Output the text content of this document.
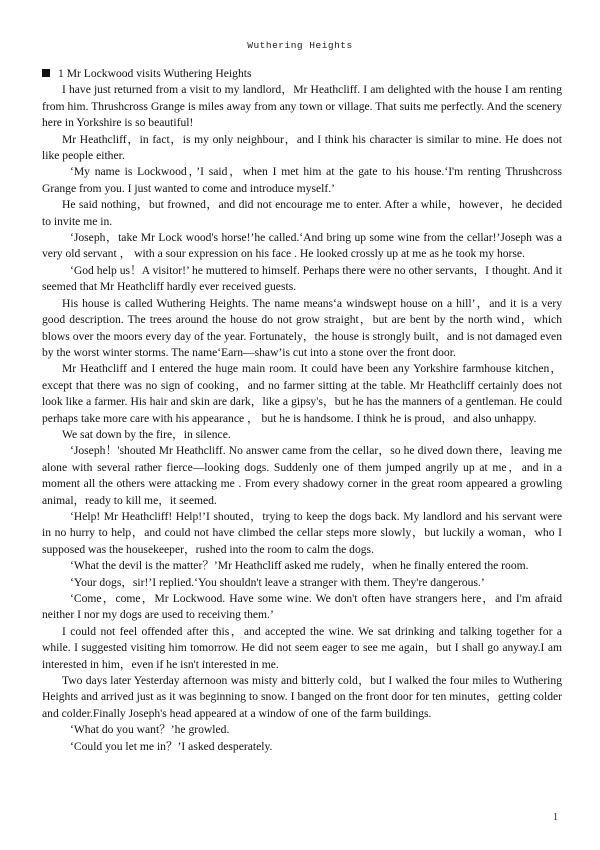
Wuthering Heights
1 Mr Lockwood visits Wuthering Heights

I have just returned from a visit to my landlord，Mr Heathcliff. I am delighted with the house I am renting from him. Thrushcross Grange is miles away from any town or village. That suits me perfectly. And the scenery here in Yorkshire is so beautiful!

Mr Heathcliff，in fact，is my only neighbour，and I think his character is similar to mine. He does not like people either.

‘My name is Lockwood，’I said，when I met him at the gate to his house.‘I'm renting Thrushcross Grange from you. I just wanted to come and introduce myself.’

He said nothing，but frowned，and did not encourage me to enter. After a while，however，he decided to invite me in.

‘Joseph，take Mr Lock wood's horse!’he called.‘And bring up some wine from the cellar!’Joseph was a very old servant ， with a sour expression on his face . He looked crossly up at me as he took my horse.

‘God help us！A visitor!’ he muttered to himself. Perhaps there were no other servants，I thought. And it seemed that Mr Heathcliff hardly ever received guests.

His house is called Wuthering Heights. The name means‘a windswept house on a hill’，and it is a very good description. The trees around the house do not grow straight，but are bent by the north wind，which blows over the moors every day of the year. Fortunately，the house is strongly built，and is not damaged even by the worst winter storms. The name‘Earn—shaw’is cut into a stone over the front door.

Mr Heathcliff and I entered the huge main room. It could have been any Yorkshire farmhouse kitchen，except that there was no sign of cooking，and no farmer sitting at the table. Mr Heathcliff certainly does not look like a farmer. His hair and skin are dark，like a gipsy's，but he has the manners of a gentleman. He could perhaps take more care with his appearance ， but he is handsome. I think he is proud，and also unhappy.

We sat down by the fire，in silence.

‘Joseph！'shouted Mr Heathcliff. No answer came from the cellar，so he dived down there，leaving me alone with several rather fierce—looking dogs. Suddenly one of them jumped angrily up at me，and in a moment all the others were attacking me . From every shadowy corner in the great room appeared a growling animal，ready to kill me，it seemed.

‘Help! Mr Heathcliff! Help!’I shouted，trying to keep the dogs back. My landlord and his servant were in no hurry to help，and could not have climbed the cellar steps more slowly，but luckily a woman，who I supposed was the housekeeper，rushed into the room to calm the dogs.

‘What the devil is the matter？’Mr Heathcliff asked me rudely，when he finally entered the room.

‘Your dogs，sir!’I replied.‘You shouldn't leave a stranger with them. They're dangerous.’

‘Come，come，Mr Lockwood. Have some wine. We don't often have strangers here，and I'm afraid neither I nor my dogs are used to receiving them.’

I could not feel offended after this，and accepted the wine. We sat drinking and talking together for a while. I suggested visiting him tomorrow. He did not seem eager to see me again，but I shall go anyway.I am interested in him，even if he isn't interested in me.

Two days later Yesterday afternoon was misty and bitterly cold，but I walked the four miles to Wuthering Heights and arrived just as it was beginning to snow. I banged on the front door for ten minutes，getting colder and colder.Finally Joseph's head appeared at a window of one of the farm buildings.

‘What do you want？’he growled.

‘Could you let me in？’I asked desperately.

1
